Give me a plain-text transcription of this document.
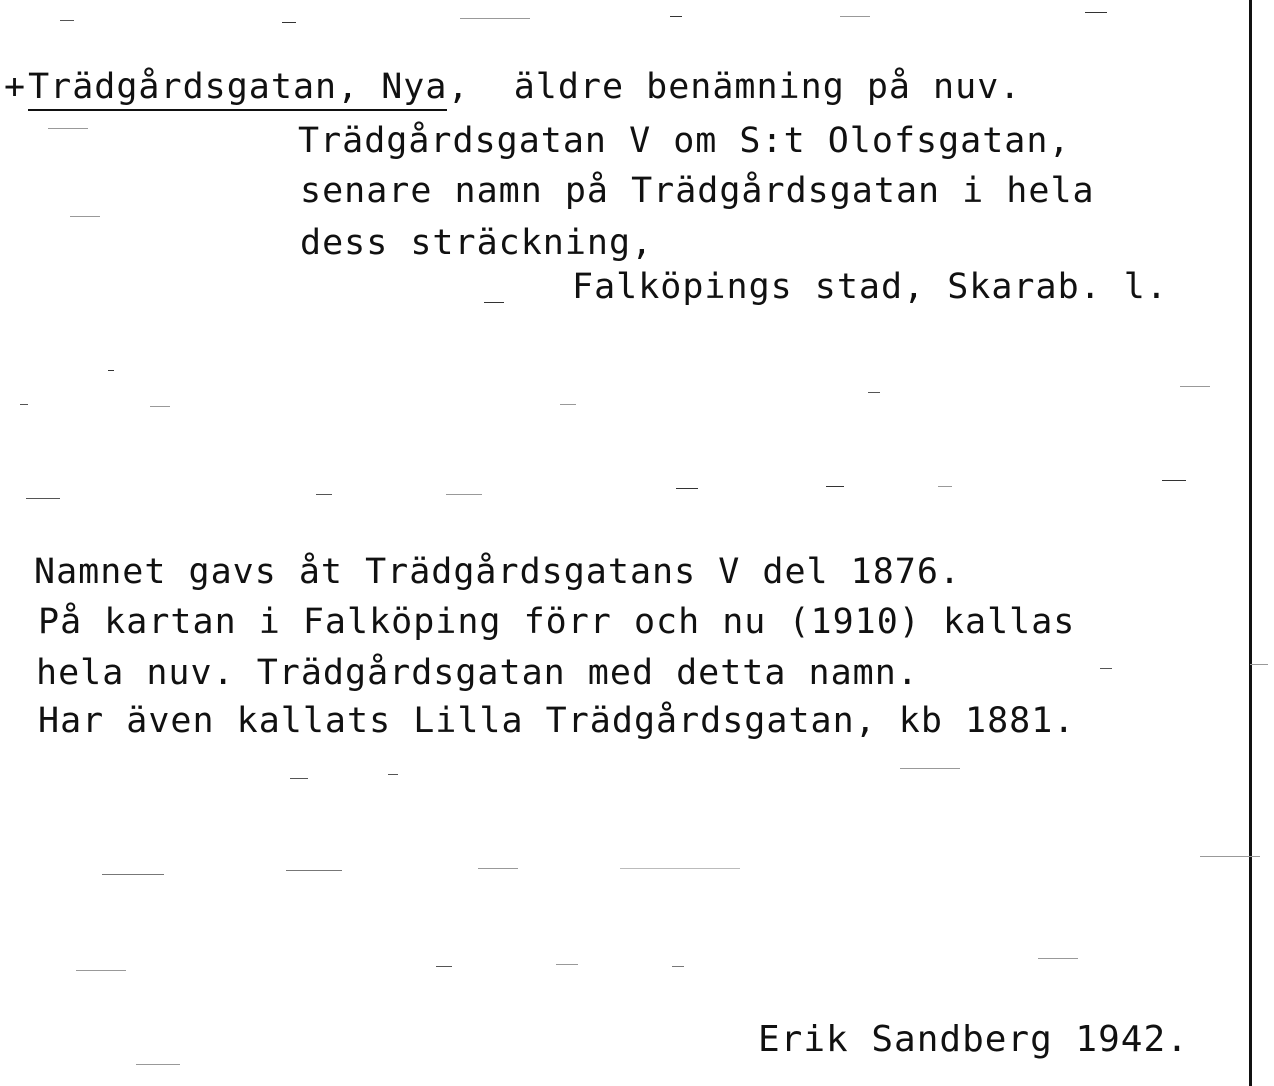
+Trädgårdsgatan, Nya, äldre benämning på nuv.
Trädgårdsgatan V om S:t Olofsgatan,
senare namn på Trädgårdsgatan i hela
dess sträckning,
Falköpings stad, Skarab. l.
Namnet gavs åt Trädgårdsgatans V del 1876.
På kartan i Falköping förr och nu (1910) kallas
hela nuv. Trädgårdsgatan med detta namn.
Har även kallats Lilla Trädgårdsgatan, kb 1881.
Erik Sandberg 1942.
